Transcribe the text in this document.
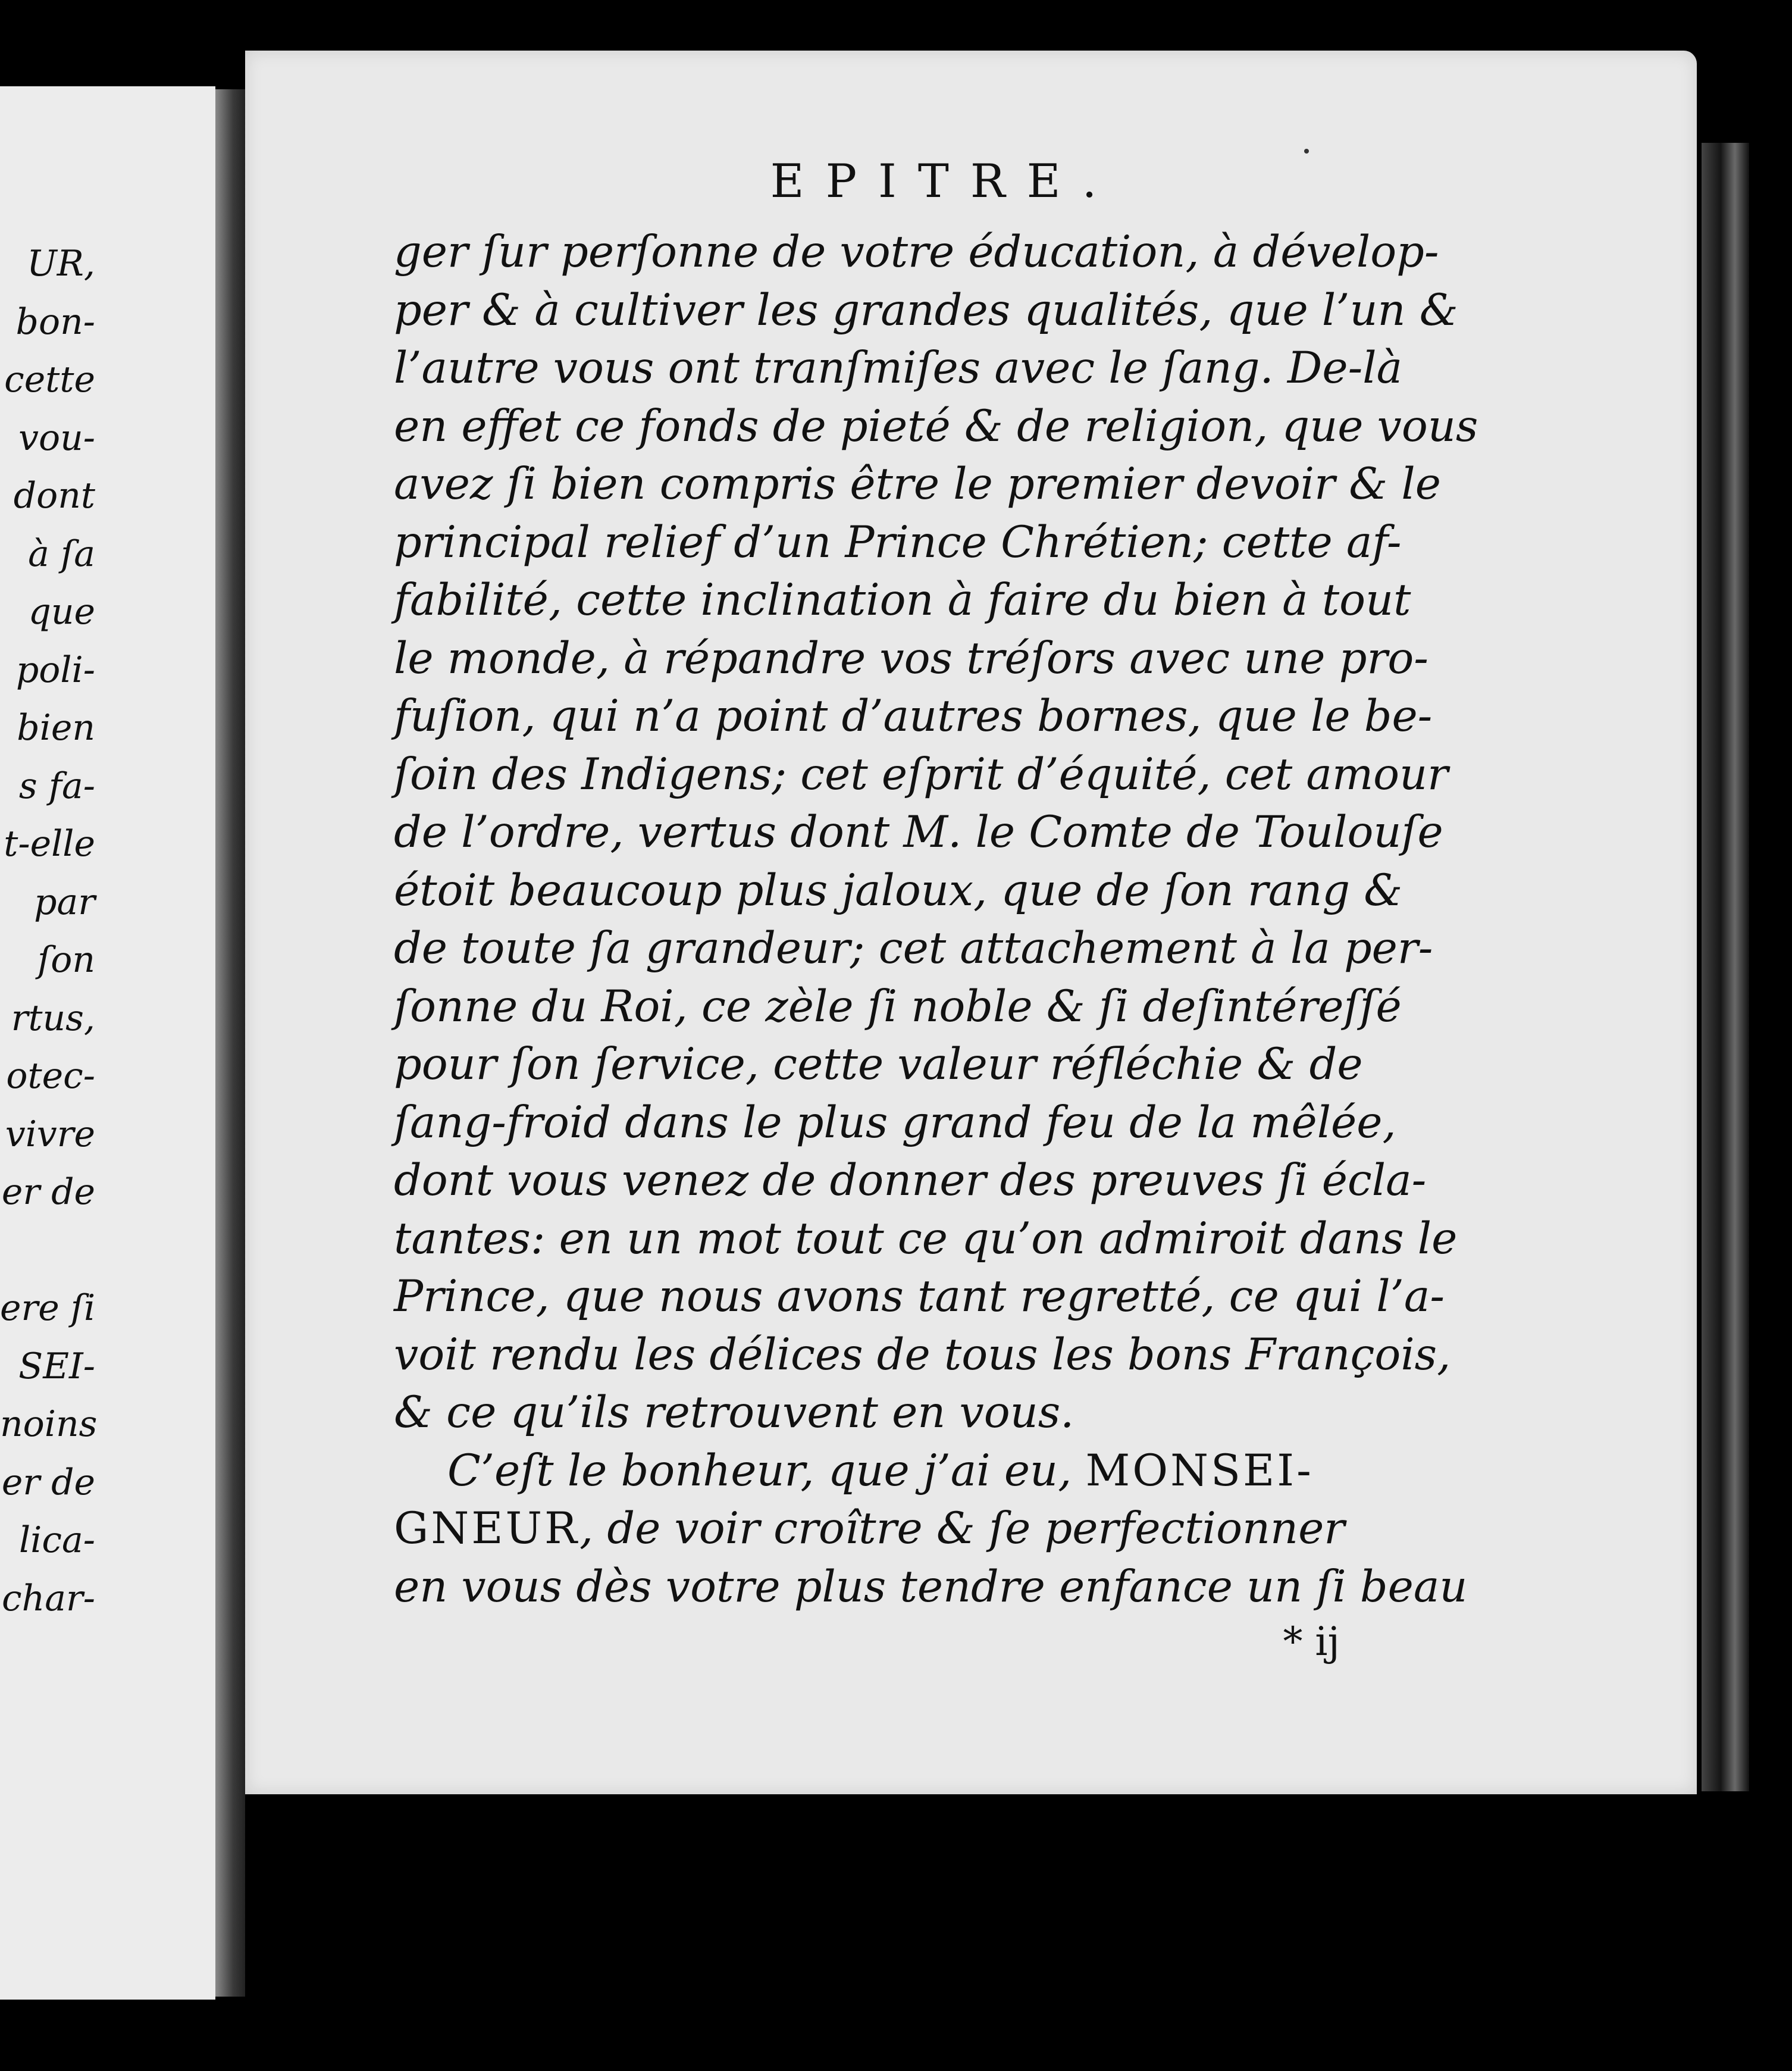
UR,
bon-
cette
vou-
dont
à ſa
que
poli-
bien
s fa-
t-elle
par
ſon
rtus,
otec-
vivre
er de
ere ſi
SEI-
noins
er de
lica-
char-
EPITRE.
ger ſur perſonne de votre éducation, à dévelop-
per & à cultiver les grandes qualités, que l’un &
l’autre vous ont tranſmiſes avec le ſang. De-là
en effet ce fonds de pieté & de religion, que vous
avez ſi bien compris être le premier devoir & le
principal relief d’un Prince Chrétien; cette af-
fabilité, cette inclination à faire du bien à tout
le monde, à répandre vos tréſors avec une pro-
fuſion, qui n’a point d’autres bornes, que le be-
ſoin des Indigens; cet eſprit d’équité, cet amour
de l’ordre, vertus dont M. le Comte de Toulouſe
étoit beaucoup plus jaloux, que de ſon rang &
de toute ſa grandeur; cet attachement à la per-
ſonne du Roi, ce zèle ſi noble & ſi deſintéreſſé
pour ſon ſervice, cette valeur réfléchie & de
ſang-froid dans le plus grand feu de la mêlée,
dont vous venez de donner des preuves ſi écla-
tantes: en un mot tout ce qu’on admiroit dans le
Prince, que nous avons tant regretté, ce qui l’a-
voit rendu les délices de tous les bons François,
& ce qu’ils retrouvent en vous.
C’eſt le bonheur, que j’ai eu, MONSEI-
GNEUR, de voir croître & ſe perfectionner
en vous dès votre plus tendre enfance un ſi beau
* ij
